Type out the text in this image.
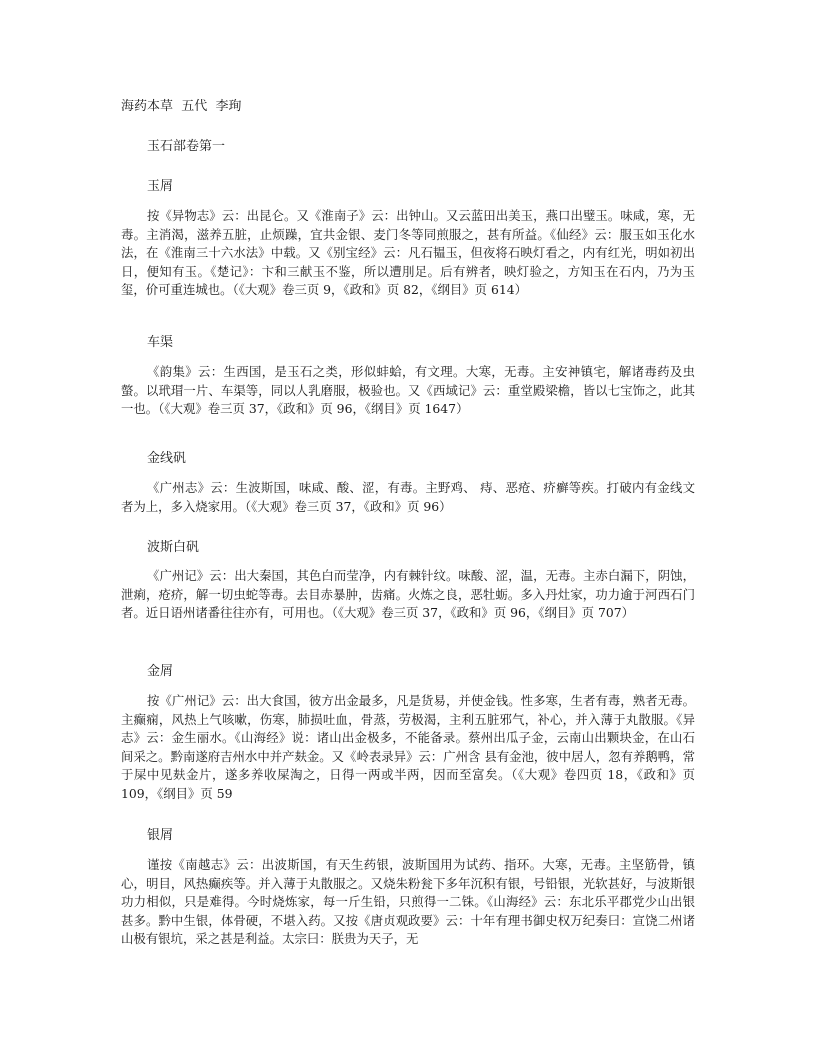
海药本草  五代  李珣
玉石部卷第一
玉屑

按《异物志》云：出昆仑。又《淮南子》云：出钟山。又云蓝田出美玉，燕口出璧玉。味咸，寒，无毒。主消渴，滋养五脏，止烦躁，宜共金银、麦门冬等同煎服之，甚有所益。《仙经》云：服玉如玉化水法，在《淮南三十六水法》中载。又《别宝经》云：凡石韫玉，但夜将石映灯看之，内有红光，明如初出日，便知有玉。《楚记》：卞和三献玉不鉴，所以遭刖足。后有辨者，映灯验之，方知玉在石内，乃为玉玺，价可重连城也。（《大观》卷三页 9，《政和》页 82，《纲目》页 614）

车渠

《韵集》云：生西国，是玉石之类，形似蚌蛤，有文理。大寒，无毒。主安神镇宅，解诸毒药及虫螫。以玳瑁一片、车渠等，同以人乳磨服，极验也。又《西域记》云：重堂殿梁檐，皆以七宝饰之，此其一也。（《大观》卷三页 37，《政和》页 96，《纲目》页 1647）

金线矾

《广州志》云：生波斯国，味咸、酸、涩，有毒。主野鸡、 痔、恶疮、疥癣等疾。打破内有金线文者为上，多入烧家用。（《大观》卷三页 37，《政和》页 96）

波斯白矾

《广州记》云：出大秦国，其色白而莹净，内有棘针纹。味酸、涩，温，无毒。主赤白漏下，阴蚀，泄痢，疮疥，解一切虫蛇等毒。去目赤暴肿，齿痛。火炼之良，恶牡蛎。多入丹灶家，功力逾于河西石门者。近日语州诸番往往亦有，可用也。（《大观》卷三页 37，《政和》页 96，《纲目》页 707）

金屑

按《广州记》云：出大食国，彼方出金最多，凡是货易，并使金钱。性多寒，生者有毒，熟者无毒。主癫痫，风热上气咳嗽，伤寒，肺损吐血，骨蒸，劳极渴，主利五脏邪气，补心，并入薄于丸散服。《异志》云：金生丽水。《山海经》说：诸山出金极多，不能备录。蔡州出瓜子金，云南山出颗块金，在山石间采之。黔南遂府吉州水中并产麸金。又《岭表录异》云：广州含 县有金池，彼中居人，忽有养鹅鸭，常于屎中见麸金片，遂多养收屎淘之，日得一两或半两，因而至富矣。（《大观》卷四页 18，《政和》页 109，《纲目》页 59

银屑

谨按《南越志》云：出波斯国，有天生药银，波斯国用为试药、指环。大寒，无毒。主坚筋骨，镇心，明目，风热癫疾等。并入薄于丸散服之。又烧朱粉瓮下多年沉积有银，号铅银，光软甚好，与波斯银功力相似，只是难得。今时烧炼家，每一斤生铅，只煎得一二铢。《山海经》云：东北乐平郡党少山出银甚多。黔中生银，体骨硬，不堪入药。又按《唐贞观政要》云：十年有理书御史权万纪奏曰：宣饶二州诸山极有银坑，采之甚是利益。太宗曰：朕贵为天子，无
